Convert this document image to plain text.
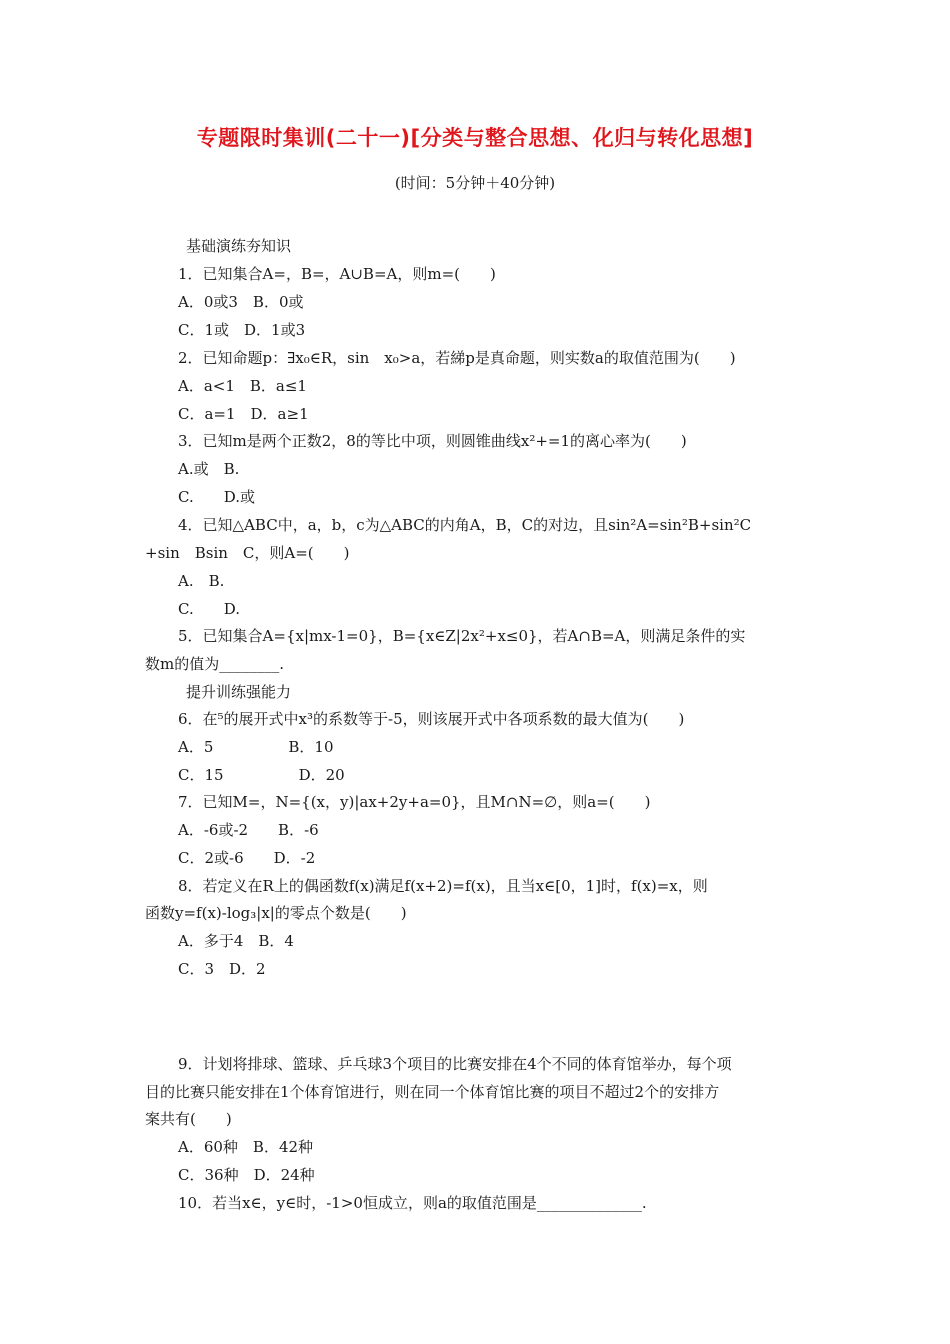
专题限时集训(二十一)[分类与整合思想、化归与转化思想]
(时间：5分钟＋40分钟)
基础演练夯知识
1．已知集合A=，B=，A∪B=A，则m=(　　)
A．0或3　B．0或
C．1或　D．1或3
2．已知命题p：∃x₀∈R，sin　x₀>a，若綈p是真命题，则实数a的取值范围为(　　)
A．a<1　B．a≤1
C．a=1　D．a≥1
3．已知m是两个正数2，8的等比中项，则圆锥曲线x²+=1的离心率为(　　)
A.或　B.
C.　　D.或
4．已知△ABC中，a，b，c为△ABC的内角A，B，C的对边，且sin²A=sin²B+sin²C
+sin　Bsin　C，则A=(　　)
A.　B.
C.　　D.
5．已知集合A={x|mx-1=0}，B={x∈Z|2x²+x≤0}，若A∩B=A，则满足条件的实
数m的值为________.
提升训练强能力
6．在⁵的展开式中x³的系数等于-5，则该展开式中各项系数的最大值为(　　)
A．5　　　　　B．10
C．15　　　　　D．20
7．已知M=，N={(x，y)|ax+2y+a=0}，且M∩N=∅，则a=(　　)
A．-6或-2　　B．-6
C．2或-6　　D．-2
8．若定义在R上的偶函数f(x)满足f(x+2)=f(x)，且当x∈[0，1]时，f(x)=x，则
函数y=f(x)-log₃|x|的零点个数是(　　)
A．多于4　B．4
C．3　D．2
9．计划将排球、篮球、乒乓球3个项目的比赛安排在4个不同的体育馆举办，每个项
目的比赛只能安排在1个体育馆进行，则在同一个体育馆比赛的项目不超过2个的安排方
案共有(　　)
A．60种　B．42种
C．36种　D．24种
10．若当x∈，y∈时，-1>0恒成立，则a的取值范围是______________.
